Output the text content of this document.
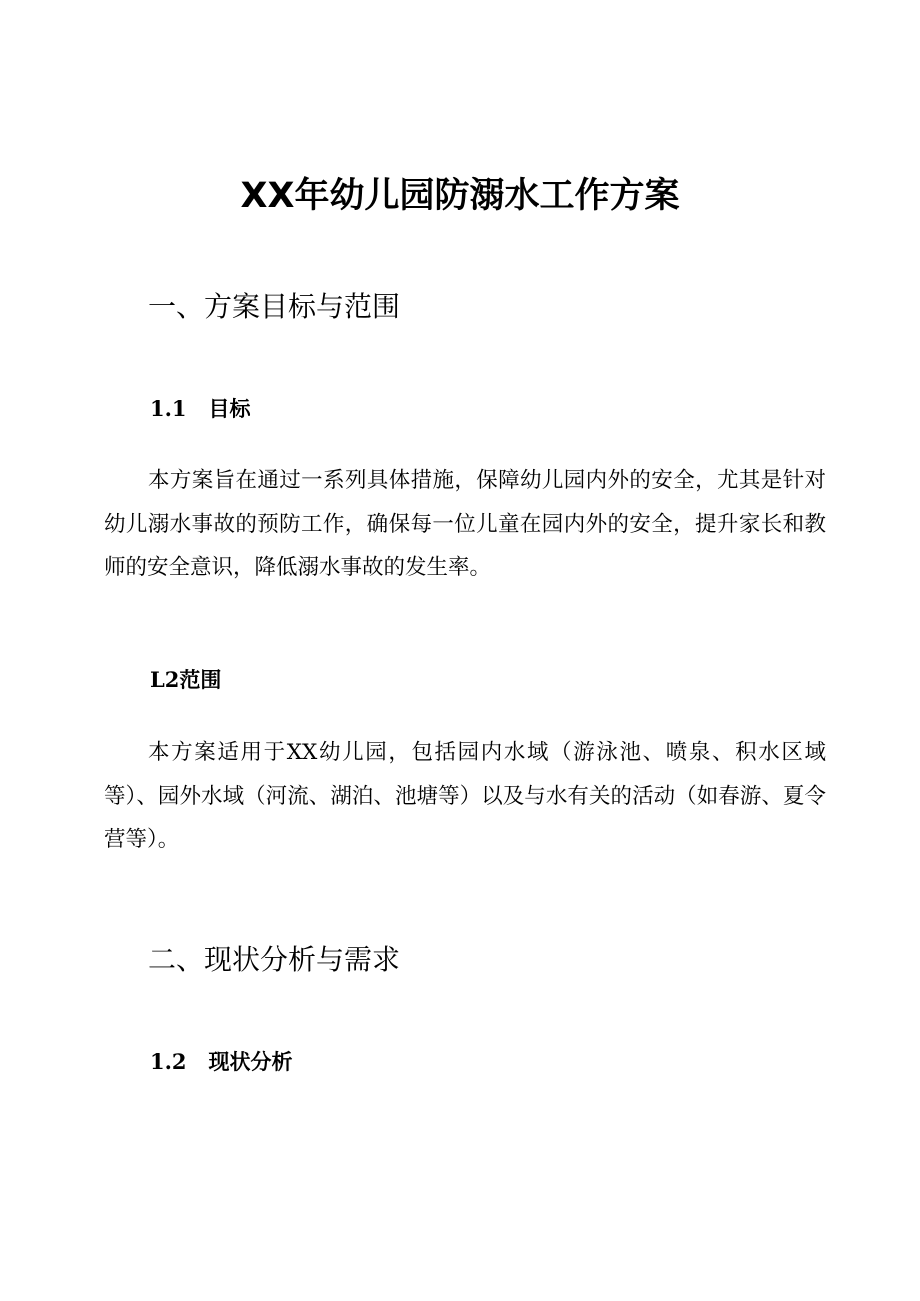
XX年幼儿园防溺水工作方案
一、方案目标与范围
1.1   目标

本方案旨在通过一系列具体措施，保障幼儿园内外的安全，尤其是针对幼儿溺水事故的预防工作，确保每一位儿童在园内外的安全，提升家长和教师的安全意识，降低溺水事故的发生率。

L2范围

本方案适用于XX幼儿园，包括园内水域（游泳池、喷泉、积水区域等）、园外水域（河流、湖泊、池塘等）以及与水有关的活动（如春游、夏令营等）。

二、现状分析与需求
1.2   现状分析
